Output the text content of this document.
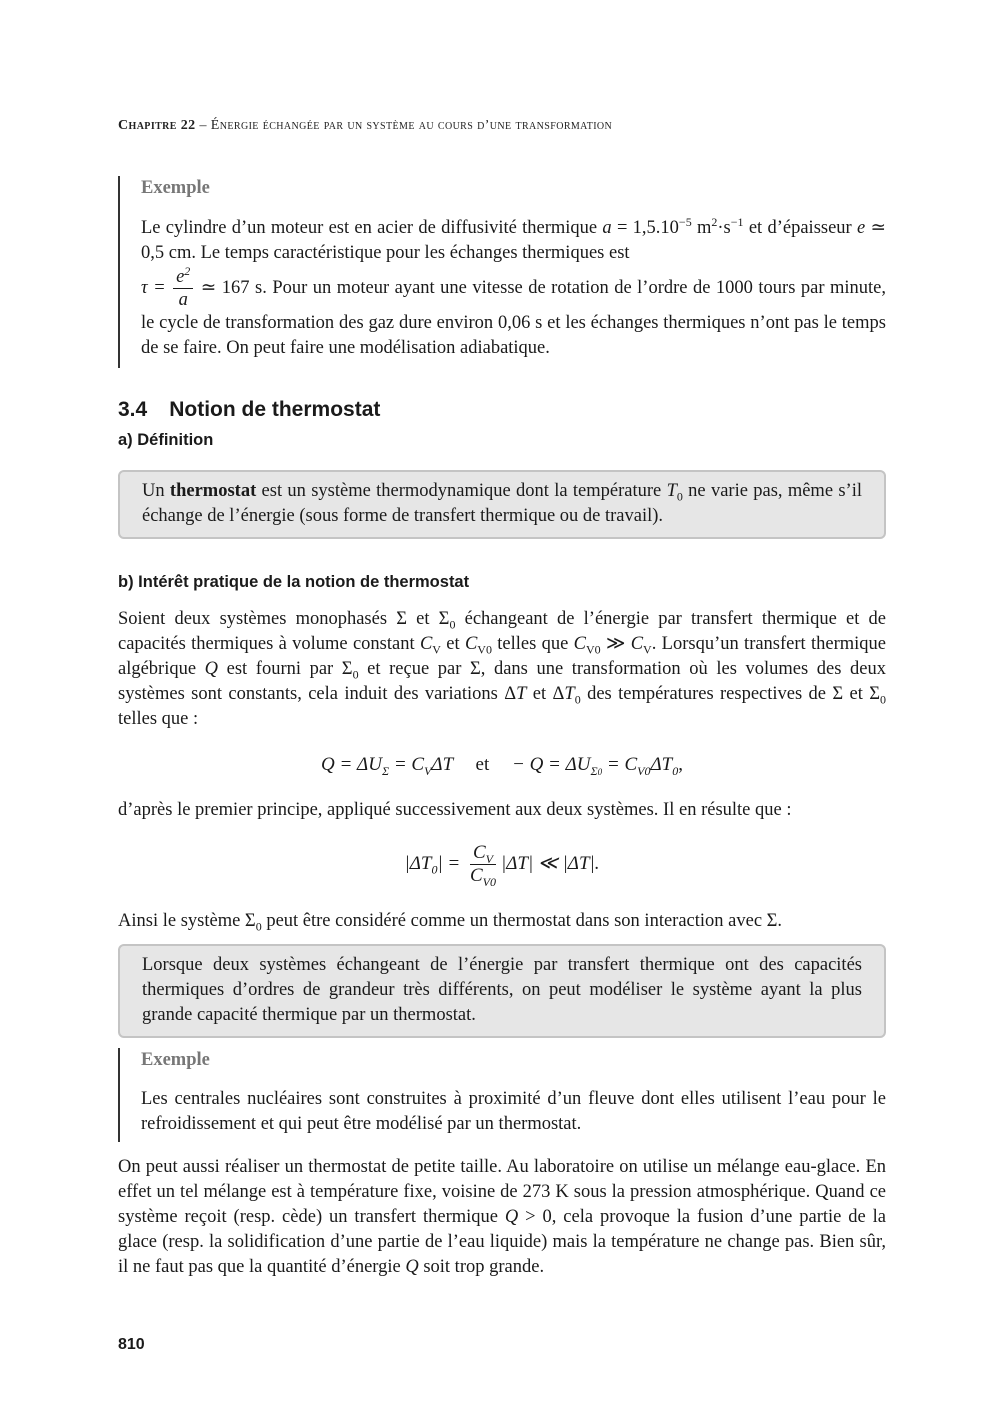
Chapitre 22 – Énergie échangée par un système au cours d’une transformation
Exemple

Le cylindre d’un moteur est en acier de diffusivité thermique $a = 1,5.10^{-5}$ $m^2\cdot s^{-1}$ et d’épaisseur e ≃ 0,5 cm. Le temps caractéristique pour les échanges thermiques est
$\tau = \frac{e^2}{a}$ ≃ 167 s. Pour un moteur ayant une vitesse de rotation de l’ordre de 1000 tours par minute, le cycle de transformation des gaz dure environ 0,06 s et les échanges thermiques n’ont pas le temps de se faire. On peut faire une modélisation adiabatique.

3.4 Notion de thermostat
a) Définition

Un thermostat est un système thermodynamique dont la température $T_0$ ne varie pas, même s’il échange de l’énergie (sous forme de transfert thermique ou de travail).

b) Intérêt pratique de la notion de thermostat

Soient deux systèmes monophasés Σ et $\Sigma_0$ échangeant de l’énergie par transfert thermique et de capacités thermiques à volume constant $C_V$ et $C_{V0}$ telles que $C_{V0}$ ≫ $C_V$. Lorsqu’un transfert thermique algébrique Q est fourni par $\Sigma_0$ et reçue par Σ, dans une transformation où les volumes des deux systèmes sont constants, cela induit des variations ΔT et $\Delta T_0$ des températures respectives de Σ et $\Sigma_0$ telles que :

$Q = \Delta U_\Sigma = C_V\Delta T$ et − $Q = \Delta U_{\Sigma 0} = C_{V0}\Delta T_0$,

d’après le premier principe, appliqué successivement aux deux systèmes. Il en résulte que :

$|\Delta T_0| = \frac{C_V}{C_{V0}} |\Delta T|$ ≪ |ΔT|.

Ainsi le système $\Sigma_0$ peut être considéré comme un thermostat dans son interaction avec Σ.

Lorsque deux systèmes échangeant de l’énergie par transfert thermique ont des capacités thermiques d’ordres de grandeur très différents, on peut modéliser le système ayant la plus grande capacité thermique par un thermostat.

Exemple

Les centrales nucléaires sont construites à proximité d’un fleuve dont elles utilisent l’eau pour le refroidissement et qui peut être modélisé par un thermostat.

On peut aussi réaliser un thermostat de petite taille. Au laboratoire on utilise un mélange eau-glace. En effet un tel mélange est à température fixe, voisine de 273 K sous la pression atmosphérique. Quand ce système reçoit (resp. cède) un transfert thermique Q > 0, cela provoque la fusion d’une partie de la glace (resp. la solidification d’une partie de l’eau liquide) mais la température ne change pas. Bien sûr, il ne faut pas que la quantité d’énergie Q soit trop grande.

810
